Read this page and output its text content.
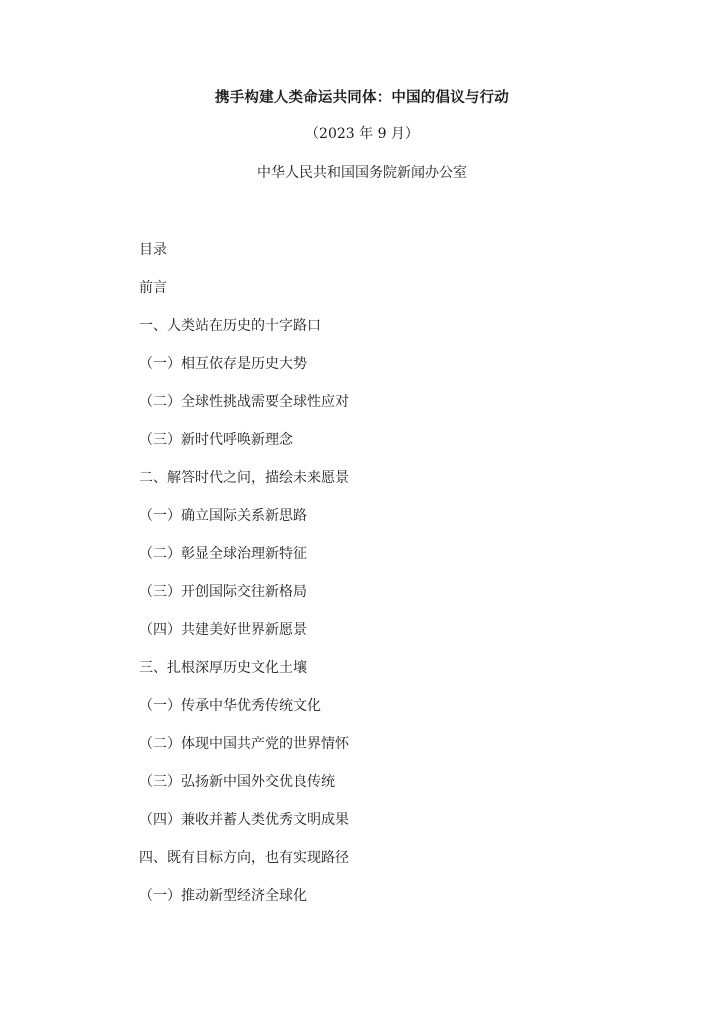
携手构建人类命运共同体：中国的倡议与行动
（2023 年 9 月）
中华人民共和国国务院新闻办公室
目录
前言
一、人类站在历史的十字路口
（一）相互依存是历史大势
（二）全球性挑战需要全球性应对
（三）新时代呼唤新理念
二、解答时代之问，描绘未来愿景
（一）确立国际关系新思路
（二）彰显全球治理新特征
（三）开创国际交往新格局
（四）共建美好世界新愿景
三、扎根深厚历史文化土壤
（一）传承中华优秀传统文化
（二）体现中国共产党的世界情怀
（三）弘扬新中国外交优良传统
（四）兼收并蓄人类优秀文明成果
四、既有目标方向，也有实现路径
（一）推动新型经济全球化
